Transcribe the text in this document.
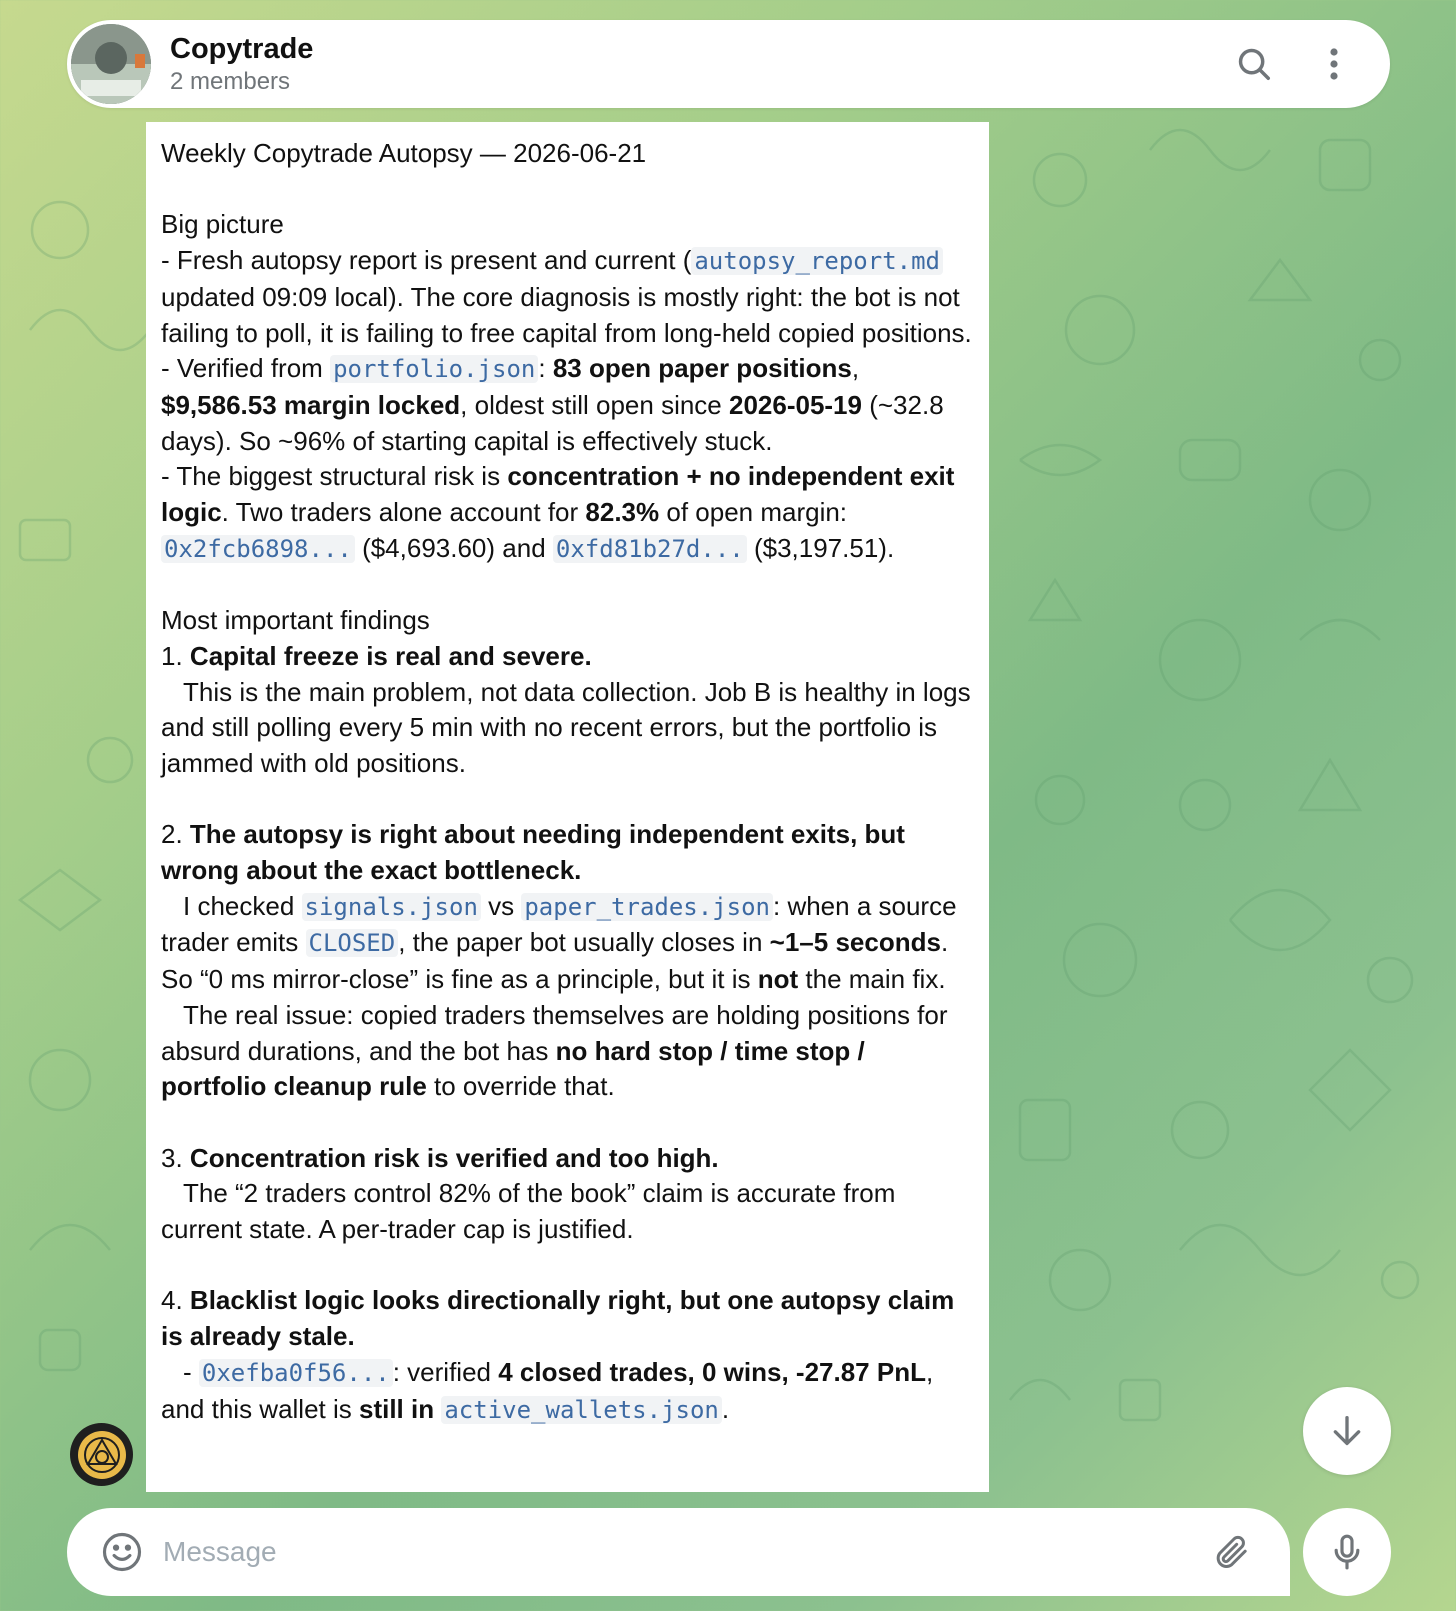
Copytrade
2 members

Weekly Copytrade Autopsy — 2026-06-21

Big picture

- Fresh autopsy report is present and current ( autopsy_report.md updated 09:09 local). The core diagnosis is mostly right: the bot is not failing to poll, it is failing to free capital from long-held copied positions.

- Verified from portfolio.json : 83 open paper positions, $9,586.53 margin locked, oldest still open since 2026-05-19 (~32.8 days). So ~96% of starting capital is effectively stuck.

- The biggest structural risk is concentration + no independent exit logic. Two traders alone account for 82.3% of open margin: 0x2fcb6898... ($4,693.60) and 0xfd81b27d... ($3,197.51).

Most important findings

1. Capital freeze is real and severe.

This is the main problem, not data collection. Job B is healthy in logs and still polling every 5 min with no recent errors, but the portfolio is jammed with old positions.

2. The autopsy is right about needing independent exits, but wrong about the exact bottleneck.

I checked signals.json vs paper_trades.json : when a source trader emits CLOSED , the paper bot usually closes in ~1–5 seconds. So “0 ms mirror-close” is fine as a principle, but it is not the main fix.

The real issue: copied traders themselves are holding positions for absurd durations, and the bot has no hard stop / time stop / portfolio cleanup rule to override that.

3. Concentration risk is verified and too high.

The “2 traders control 82% of the book” claim is accurate from current state. A per-trader cap is justified.

4. Blacklist logic looks directionally right, but one autopsy claim is already stale.

- 0xefba0f56... : verified 4 closed trades, 0 wins, -27.87 PnL, and this wallet is still in active_wallets.json .

Message
